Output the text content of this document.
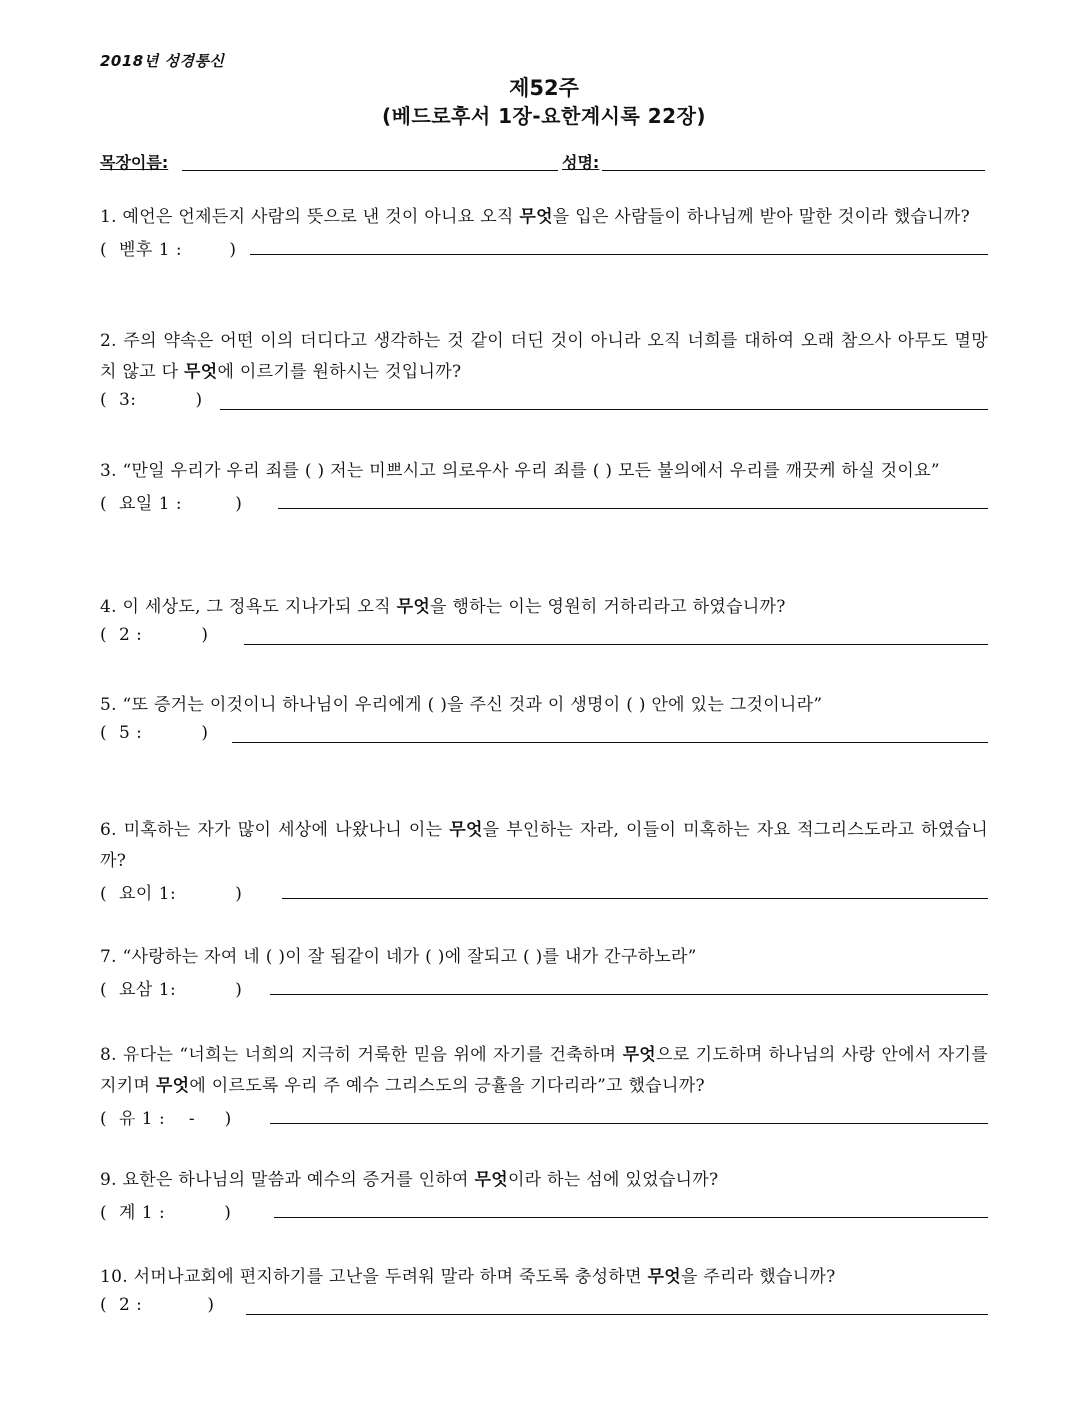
2018년 성경통신
제52주
(베드로후서 1장-요한계시록 22장)
목장이름:	성명:
1. 예언은 언제든지 사람의 뜻으로 낸 것이 아니요 오직 무엇을 입은 사람들이 하나님께 받아 말한 것이라 했습니까?
(  벧후 1 :        )
2. 주의 약속은 어떤 이의 더디다고 생각하는 것 같이 더딘 것이 아니라 오직 너희를 대하여 오래 참으사 아무도 멸망치 않고 다 무엇에 이르기를 원하시는 것입니까?
(  3:          )
3. “만일 우리가 우리 죄를 ( ) 저는 미쁘시고 의로우사 우리 죄를 ( ) 모든 불의에서 우리를 깨끗케 하실 것이요”
(  요일 1 :         )
4. 이 세상도, 그 정욕도 지나가되 오직 무엇을 행하는 이는 영원히 거하리라고 하였습니까?
(  2 :          )
5. “또 증거는 이것이니 하나님이 우리에게 ( )을 주신 것과 이 생명이 ( ) 안에 있는 그것이니라”
(  5 :          )
6. 미혹하는 자가 많이 세상에 나왔나니 이는 무엇을 부인하는 자라, 이들이 미혹하는 자요 적그리스도라고 하였습니까?
(  요이 1:          )
7. “사랑하는 자여 네 ( )이 잘 됨같이 네가 ( )에 잘되고 ( )를 내가 간구하노라”
(  요삼 1:          )
8. 유다는 “너희는 너희의 지극히 거룩한 믿음 위에 자기를 건축하며 무엇으로 기도하며 하나님의 사랑 안에서 자기를 지키며 무엇에 이르도록 우리 주 예수 그리스도의 긍휼을 기다리라”고 했습니까?
(  유 1 :    -     )
9. 요한은 하나님의 말씀과 예수의 증거를 인하여 무엇이라 하는 섬에 있었습니까?
(  계 1 :          )
10. 서머나교회에 편지하기를 고난을 두려워 말라 하며 죽도록 충성하면 무엇을 주리라 했습니까?
(  2 :           )
